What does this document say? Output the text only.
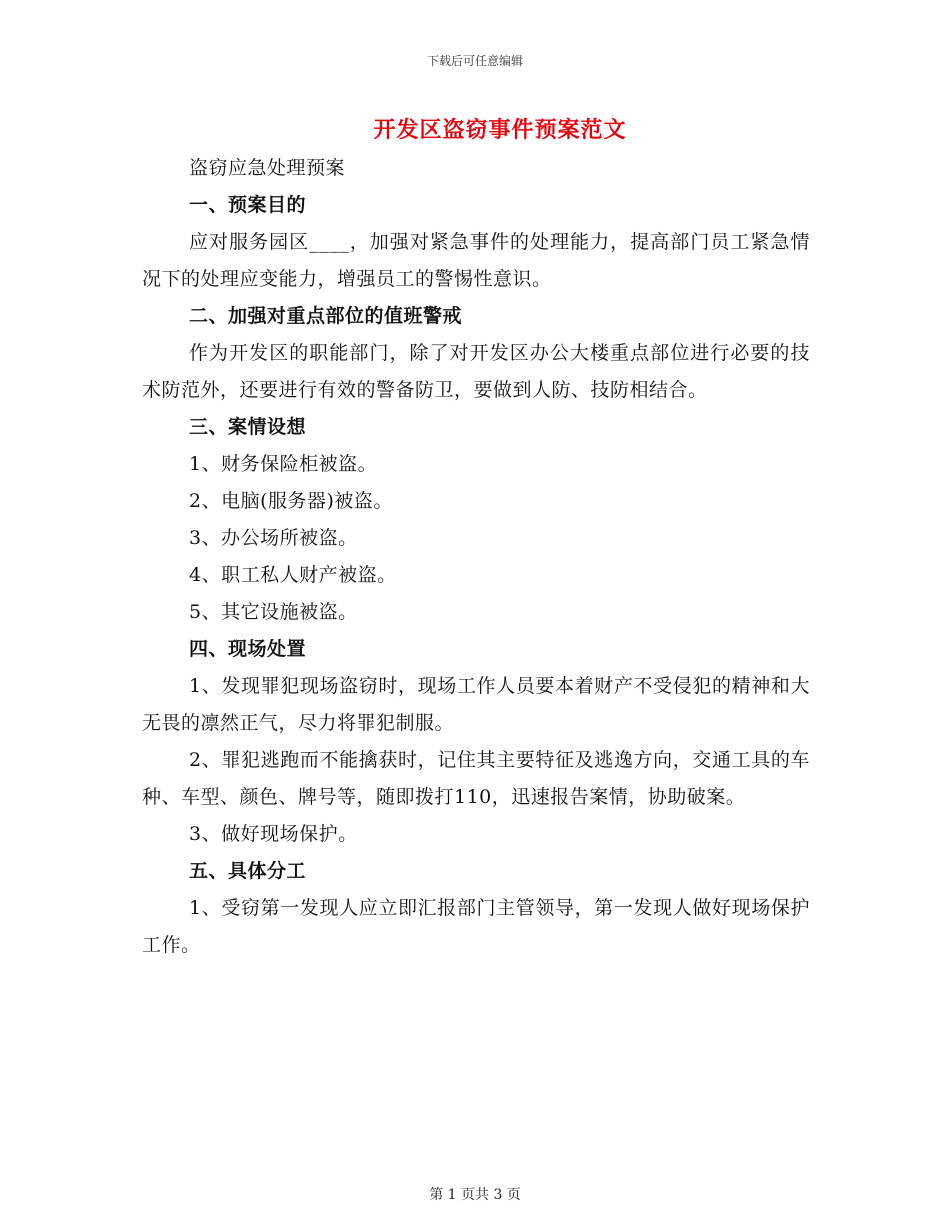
下载后可任意编辑
开发区盗窃事件预案范文

盗窃应急处理预案

一、预案目的

应对服务园区____，加强对紧急事件的处理能力，提高部门员工紧急情况下的处理应变能力，增强员工的警惕性意识。

二、加强对重点部位的值班警戒

作为开发区的职能部门，除了对开发区办公大楼重点部位进行必要的技术防范外，还要进行有效的警备防卫，要做到人防、技防相结合。

三、案情设想

1、财务保险柜被盗。

2、电脑(服务器)被盗。

3、办公场所被盗。

4、职工私人财产被盗。

5、其它设施被盗。

四、现场处置

1、发现罪犯现场盗窃时，现场工作人员要本着财产不受侵犯的精神和大无畏的凛然正气，尽力将罪犯制服。

2、罪犯逃跑而不能擒获时，记住其主要特征及逃逸方向，交通工具的车种、车型、颜色、牌号等，随即拨打110，迅速报告案情，协助破案。

3、做好现场保护。

五、具体分工

1、受窃第一发现人应立即汇报部门主管领导，第一发现人做好现场保护工作。

第 1 页共 3 页
